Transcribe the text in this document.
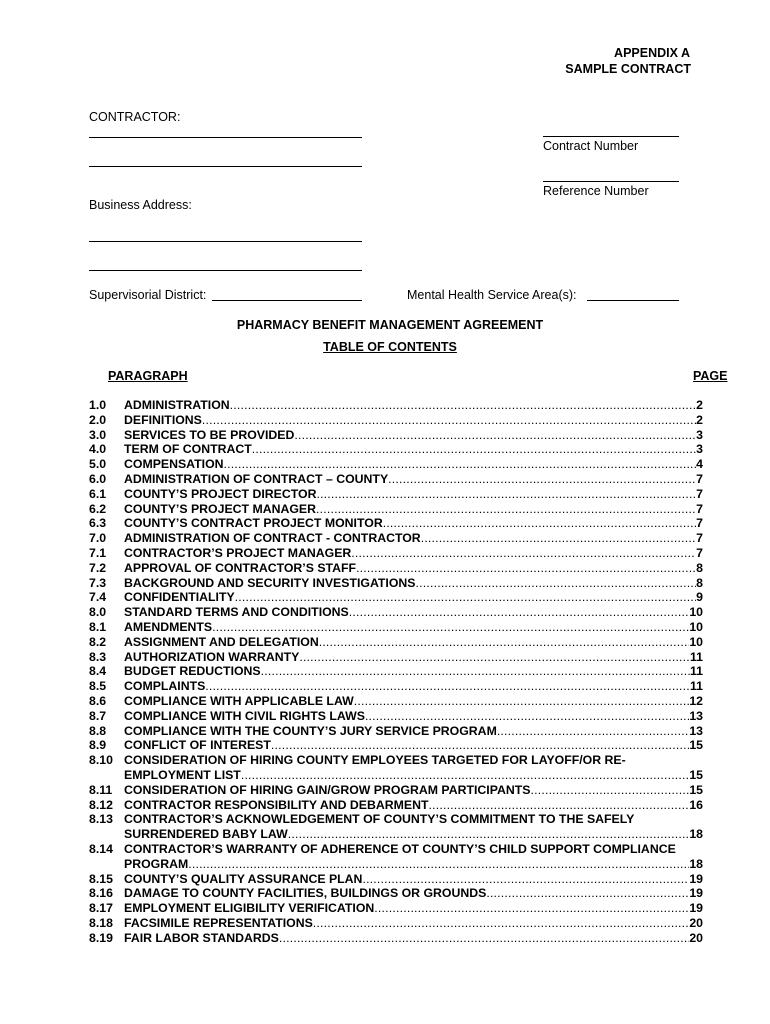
APPENDIX A
SAMPLE CONTRACT
CONTRACTOR:
Contract Number
Reference Number
Business Address:
Supervisorial District:	Mental Health Service Area(s):
PHARMACY BENEFIT MANAGEMENT AGREEMENT
TABLE OF CONTENTS
PARAGRAPH	PAGE
1.0	ADMINISTRATION .....	2
2.0	DEFINITIONS .....	2
3.0	SERVICES TO BE PROVIDED .....	3
4.0	TERM OF CONTRACT .....	3
5.0	COMPENSATION .....	4
6.0	ADMINISTRATION OF CONTRACT – COUNTY .....	7
6.1	COUNTY’S PROJECT DIRECTOR .....	7
6.2	COUNTY’S PROJECT MANAGER .....	7
6.3	COUNTY’S CONTRACT PROJECT MONITOR .....	7
7.0	ADMINISTRATION OF CONTRACT - CONTRACTOR .....	7
7.1	CONTRACTOR’S PROJECT MANAGER .....	7
7.2	APPROVAL OF CONTRACTOR’S STAFF .....	8
7.3	BACKGROUND AND SECURITY INVESTIGATIONS .....	8
7.4	CONFIDENTIALITY .....	9
8.0	STANDARD TERMS AND CONDITIONS .....	10
8.1	AMENDMENTS .....	10
8.2	ASSIGNMENT AND DELEGATION .....	10
8.3	AUTHORIZATION WARRANTY .....	11
8.4	BUDGET REDUCTIONS .....	11
8.5	COMPLAINTS .....	11
8.6	COMPLIANCE WITH APPLICABLE LAW .....	12
8.7	COMPLIANCE WITH CIVIL RIGHTS LAWS .....	13
8.8	COMPLIANCE WITH THE COUNTY’S JURY SERVICE PROGRAM .....	13
8.9	CONFLICT OF INTEREST .....	15
8.10 CONSIDERATION OF HIRING COUNTY EMPLOYEES TARGETED FOR LAYOFF/OR RE-
EMPLOYMENT LIST .....	15
8.11 CONSIDERATION OF HIRING GAIN/GROW PROGRAM PARTICIPANTS .....	15
8.12 CONTRACTOR RESPONSIBILITY AND DEBARMENT .....	16
8.13 CONTRACTOR’S ACKNOWLEDGEMENT OF COUNTY’S COMMITMENT TO THE SAFELY
SURRENDERED BABY LAW .....	18
8.14 CONTRACTOR’S WARRANTY OF ADHERENCE OT COUNTY’S CHILD SUPPORT COMPLIANCE
PROGRAM .....	18
8.15 COUNTY’S QUALITY ASSURANCE PLAN .....	19
8.16 DAMAGE TO COUNTY FACILITIES, BUILDINGS OR GROUNDS .....	19
8.17 EMPLOYMENT ELIGIBILITY VERIFICATION .....	19
8.18 FACSIMILE REPRESENTATIONS .....	20
8.19 FAIR LABOR STANDARDS .....	20
